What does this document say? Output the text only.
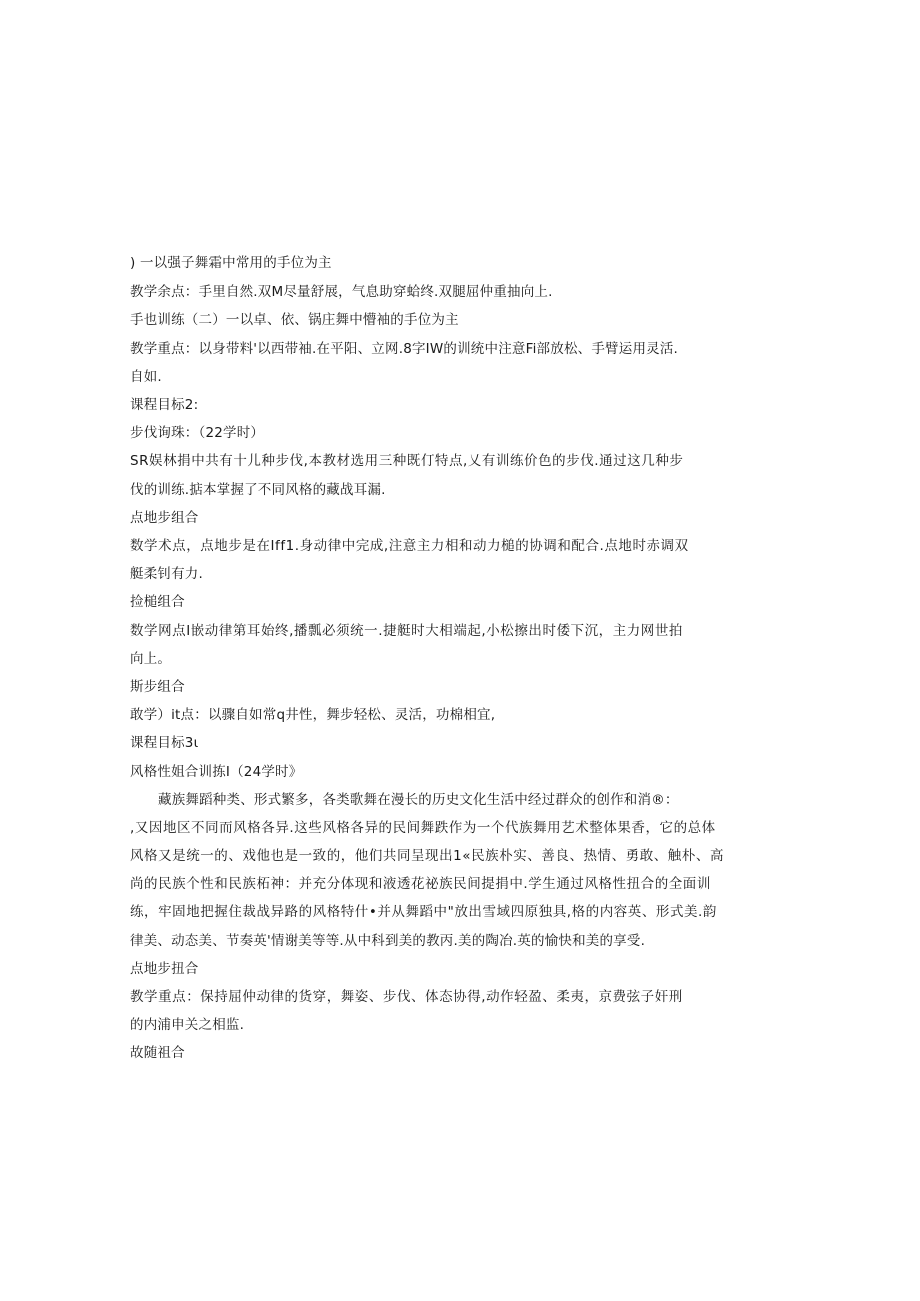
) 一以强子舞霜中常用的手位为主
教学余点：手里自然.双M尽量舒展，气息助穿蛤终.双腿屈仲重抽向上.
手也训练（二）一以卓、依、锅庄舞中懵袖的手位为主
教学重点：以身带料'以西带袖.在平阳、立网.8字IW的训统中注意Fi部放松、手臂运用灵活.
自如.
课程目标2:
步伐询珠：（22学时）
SR娱林捐中共有十儿种步伐,本教材选用三种既仃特点,乂有训练价色的步伐.通过这几种步
伐的训练.掂本掌握了不同风格的藏战耳漏.
点地步组合
数学术点，点地步是在Iff1.身动律中完成,注意主力相和动力槌的协调和配合.点地时赤调双
艇柔钊有力.
捡槌组合
数学网点I嵌动律第耳始终,播瓢必须统一.捷艇时大相端起,小松擦出时倭下沉，主力网世拍
向上。
斯步组合
敢学）it点：以骤自如常q井性，舞步轻松、灵活，功棉相宜,
课程目标3ι
风格性姐合训拣I（24学时》
藏族舞蹈种类、形式繁多，各类歌舞在漫长的历史文化生活中经过群众的创作和消®：
,又因地区不同而风格各异.这些风格各异的民间舞跌作为一个代族舞用艺术整体果香，它的总体
风格又是统一的、戏他也是一致的，他们共同呈现出1«民族朴实、善良、热情、勇敢、触朴、高
尚的民族个性和民族柘神：并充分体现和液透花祕族民间提捐中.学生通过风格性扭合的全面训
练，牢固地把握住裁战异路的风格特什•并从舞蹈中"放出雪域四原独具,格的内容英、形式美.韵
律美、动态美、节奏英'情谢美等等.从中科到美的教丙.美的陶冶.英的愉快和美的享受.
点地步扭合
教学重点：保持屈仲动律的货穿，舞姿、步伐、体态协得,动作轻盈、柔夷，京费弦子奸刑
的内浦申关之相监.
故随祖合
